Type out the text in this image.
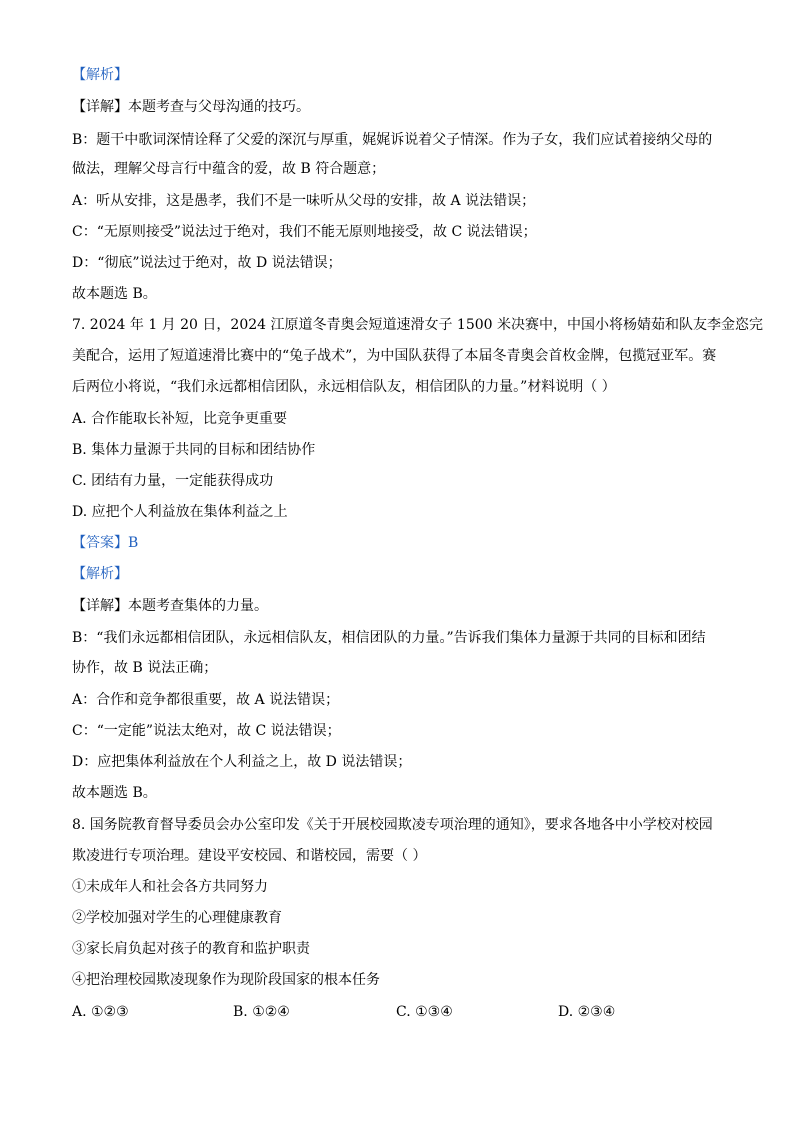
【解析】
【详解】本题考查与父母沟通的技巧。
B：题干中歌词深情诠释了父爱的深沉与厚重，娓娓诉说着父子情深。作为子女，我们应试着接纳父母的
做法，理解父母言行中蕴含的爱，故 B 符合题意；
A：听从安排，这是愚孝，我们不是一味听从父母的安排，故 A 说法错误；
C：“无原则接受”说法过于绝对，我们不能无原则地接受，故 C 说法错误；
D：“彻底”说法过于绝对，故 D 说法错误；
故本题选 B。
7. 2024 年 1 月 20 日，2024 江原道冬青奥会短道速滑女子 1500 米决赛中，中国小将杨婧茹和队友李金恣完
美配合，运用了短道速滑比赛中的“兔子战术”，为中国队获得了本届冬青奥会首枚金牌，包揽冠亚军。赛
后两位小将说，“我们永远都相信团队，永远相信队友，相信团队的力量。”材料说明（ ）
A. 合作能取长补短，比竞争更重要
B. 集体力量源于共同的目标和团结协作
C. 团结有力量，一定能获得成功
D. 应把个人利益放在集体利益之上
【答案】B
【解析】
【详解】本题考查集体的力量。
B：“我们永远都相信团队，永远相信队友，相信团队的力量。”告诉我们集体力量源于共同的目标和团结
协作，故 B 说法正确；
A：合作和竞争都很重要，故 A 说法错误；
C：“一定能”说法太绝对，故 C 说法错误；
D：应把集体利益放在个人利益之上，故 D 说法错误；
故本题选 B。
8. 国务院教育督导委员会办公室印发《关于开展校园欺凌专项治理的通知》，要求各地各中小学校对校园
欺凌进行专项治理。建设平安校园、和谐校园，需要（ ）
①未成年人和社会各方共同努力
②学校加强对学生的心理健康教育
③家长肩负起对孩子的教育和监护职责
④把治理校园欺凌现象作为现阶段国家的根本任务
A. ①②③	B. ①②④	C. ①③④	D. ②③④
